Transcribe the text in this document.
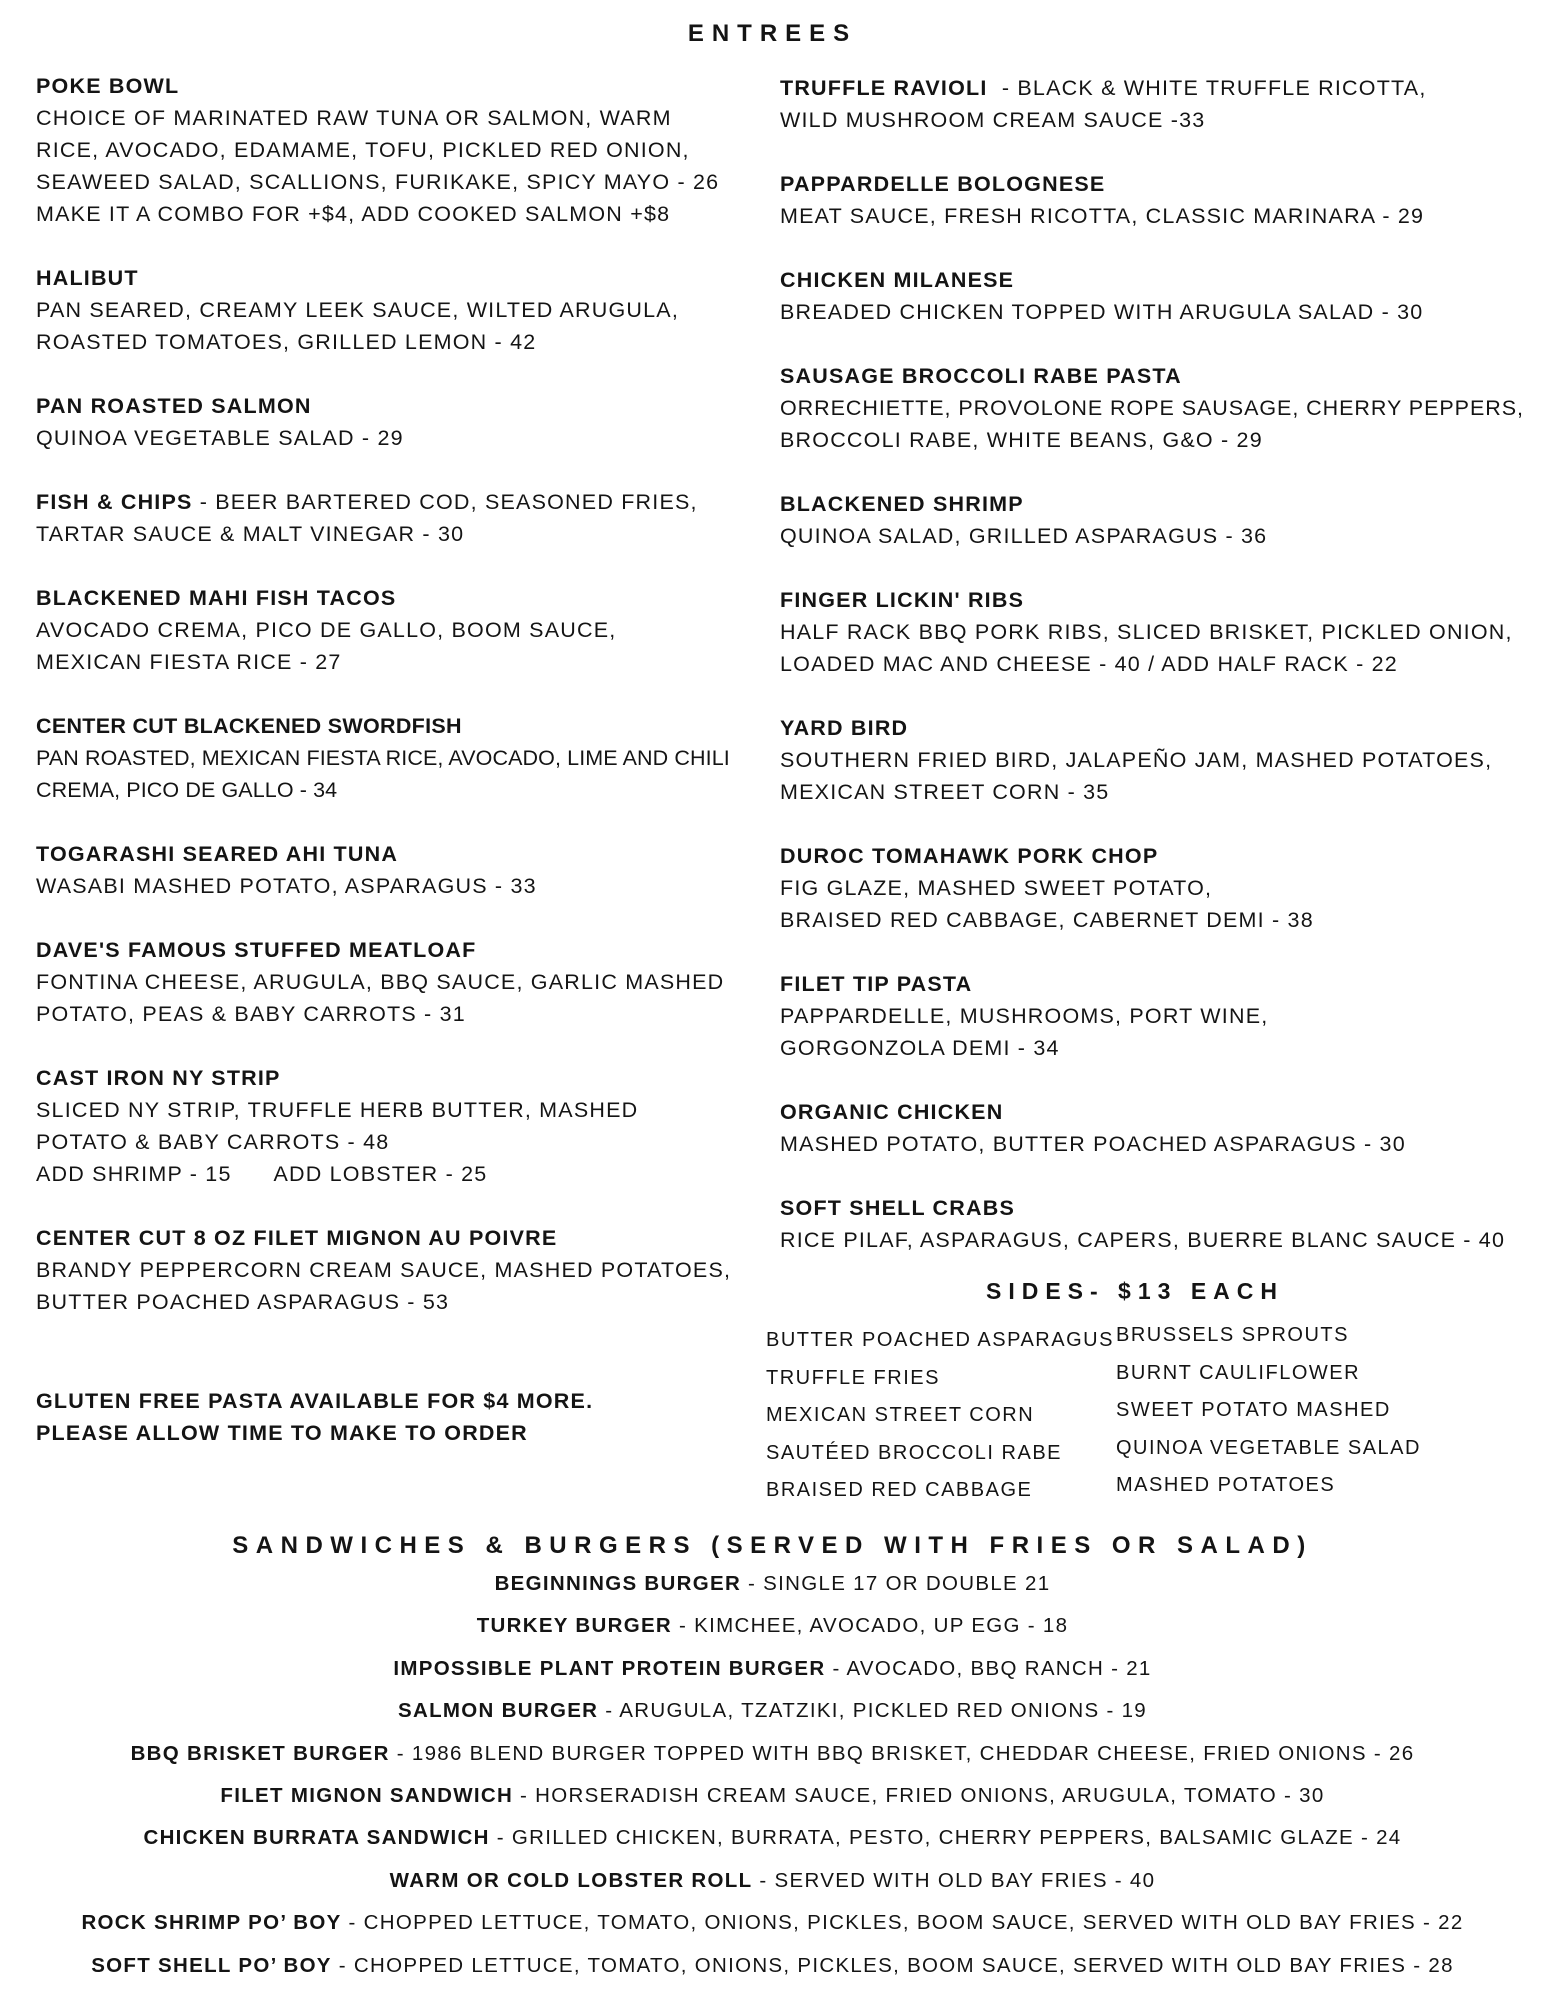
ENTREES
POKE BOWL
CHOICE OF MARINATED RAW TUNA OR SALMON, WARM
RICE, AVOCADO, EDAMAME, TOFU, PICKLED RED ONION,
SEAWEED SALAD, SCALLIONS, FURIKAKE, SPICY MAYO - 26
MAKE IT A COMBO FOR +$4, ADD COOKED SALMON +$8
HALIBUT
PAN SEARED, CREAMY LEEK SAUCE, WILTED ARUGULA,
ROASTED TOMATOES, GRILLED LEMON - 42
PAN ROASTED SALMON
QUINOA VEGETABLE SALAD - 29
FISH & CHIPS - BEER BARTERED COD, SEASONED FRIES,
TARTAR SAUCE & MALT VINEGAR - 30
BLACKENED MAHI FISH TACOS
AVOCADO CREMA, PICO DE GALLO, BOOM SAUCE,
MEXICAN FIESTA RICE - 27
CENTER CUT BLACKENED SWORDFISH
PAN ROASTED, MEXICAN FIESTA RICE, AVOCADO, LIME AND CHILI
CREMA, PICO DE GALLO - 34
TOGARASHI SEARED AHI TUNA
WASABI MASHED POTATO, ASPARAGUS - 33
DAVE'S FAMOUS STUFFED MEATLOAF
FONTINA CHEESE, ARUGULA, BBQ SAUCE, GARLIC MASHED
POTATO, PEAS & BABY CARROTS - 31
CAST IRON NY STRIP
SLICED NY STRIP, TRUFFLE HERB BUTTER, MASHED
POTATO & BABY CARROTS - 48
ADD SHRIMP - 15      ADD LOBSTER - 25
CENTER CUT 8 OZ FILET MIGNON AU POIVRE
BRANDY PEPPERCORN CREAM SAUCE, MASHED POTATOES,
BUTTER POACHED ASPARAGUS - 53
TRUFFLE RAVIOLI  - BLACK & WHITE TRUFFLE RICOTTA,
WILD MUSHROOM CREAM SAUCE -33
PAPPARDELLE BOLOGNESE
MEAT SAUCE, FRESH RICOTTA, CLASSIC MARINARA - 29
CHICKEN MILANESE
BREADED CHICKEN TOPPED WITH ARUGULA SALAD - 30
SAUSAGE BROCCOLI RABE PASTA
ORRECHIETTE, PROVOLONE ROPE SAUSAGE, CHERRY PEPPERS,
BROCCOLI RABE, WHITE BEANS, G&O - 29
BLACKENED SHRIMP
QUINOA SALAD, GRILLED ASPARAGUS - 36
FINGER LICKIN' RIBS
HALF RACK BBQ PORK RIBS, SLICED BRISKET, PICKLED ONION,
LOADED MAC AND CHEESE - 40 / ADD HALF RACK - 22
YARD BIRD
SOUTHERN FRIED BIRD, JALAPEÑO JAM, MASHED POTATOES,
MEXICAN STREET CORN - 35
DUROC TOMAHAWK PORK CHOP
FIG GLAZE, MASHED SWEET POTATO,
BRAISED RED CABBAGE, CABERNET DEMI - 38
FILET TIP PASTA
PAPPARDELLE, MUSHROOMS, PORT WINE,
GORGONZOLA DEMI - 34
ORGANIC CHICKEN
MASHED POTATO, BUTTER POACHED ASPARAGUS - 30
SOFT SHELL CRABS
RICE PILAF, ASPARAGUS, CAPERS, BUERRE BLANC SAUCE - 40
GLUTEN FREE PASTA AVAILABLE FOR $4 MORE.
PLEASE ALLOW TIME TO MAKE TO ORDER
SIDES- $13 EACH
BUTTER POACHED ASPARAGUS
TRUFFLE FRIES
MEXICAN STREET CORN
SAUTÉED BROCCOLI RABE
BRAISED RED CABBAGE
BRUSSELS SPROUTS
BURNT CAULIFLOWER
SWEET POTATO MASHED
QUINOA VEGETABLE SALAD
MASHED POTATOES
SANDWICHES & BURGERS (SERVED WITH FRIES OR SALAD)
BEGINNINGS BURGER - SINGLE 17 OR DOUBLE 21
TURKEY BURGER - KIMCHEE, AVOCADO, UP EGG - 18
IMPOSSIBLE PLANT PROTEIN BURGER - AVOCADO, BBQ RANCH - 21
SALMON BURGER - ARUGULA, TZATZIKI, PICKLED RED ONIONS - 19
BBQ BRISKET BURGER - 1986 BLEND BURGER TOPPED WITH BBQ BRISKET, CHEDDAR CHEESE, FRIED ONIONS - 26
FILET MIGNON SANDWICH - HORSERADISH CREAM SAUCE, FRIED ONIONS, ARUGULA, TOMATO - 30
CHICKEN BURRATA SANDWICH - GRILLED CHICKEN, BURRATA, PESTO, CHERRY PEPPERS, BALSAMIC GLAZE - 24
WARM OR COLD LOBSTER ROLL - SERVED WITH OLD BAY FRIES - 40
ROCK SHRIMP PO’ BOY - CHOPPED LETTUCE, TOMATO, ONIONS, PICKLES, BOOM SAUCE, SERVED WITH OLD BAY FRIES - 22
SOFT SHELL PO’ BOY - CHOPPED LETTUCE, TOMATO, ONIONS, PICKLES, BOOM SAUCE, SERVED WITH OLD BAY FRIES - 28
